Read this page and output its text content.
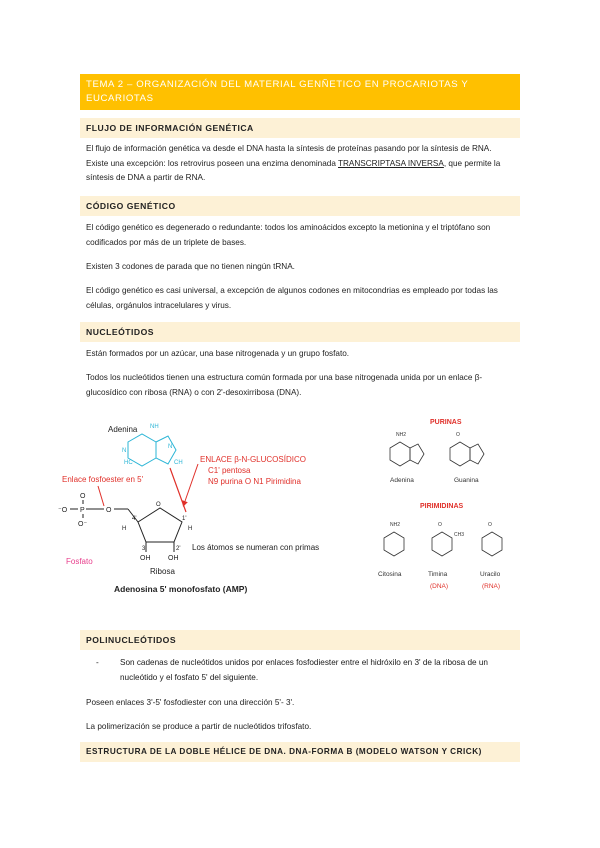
TEMA 2 – ORGANIZACIÓN DEL MATERIAL GENÑETICO EN PROCARIOTAS Y EUCARIOTAS
FLUJO DE INFORMACIÓN GENÉTICA

El flujo de información genética va desde el DNA hasta la síntesis de proteínas pasando por la síntesis de RNA. Existe una excepción: los retrovirus poseen una enzima denominada TRANSCRIPTASA INVERSA, que permite la síntesis de DNA a partir de RNA.

CÓDIGO GENÉTICO

El código genético es degenerado o redundante: todos los aminoácidos excepto la metionina y el triptófano son codificados por más de un triplete de bases.

Existen 3 codones de parada que no tienen ningún tRNA.

El código genético es casi universal, a excepción de algunos codones en mitocondrias es empleado por todas las células, orgánulos intracelulares y virus.

NUCLEÓTIDOS

Están formados por un azúcar, una base nitrogenada y un grupo fosfato.

Todos los nucleótidos tienen una estructura común formada por una base nitrogenada unida por un enlace β-glucosídico con ribosa (RNA) o con 2'-desoxirribosa (DNA).

Adenina NH
N
HC
N
CH ENLACE β-N-GLUCOSÍDICO
C1' pentosa
N9 purina O N1 Pirimidina
Enlace fosfoester en 5'
⁻O P
O
O⁻
O
O
4'	1'
3'	2'
H	H
OH	OH
Los átomos se numeran con primas
Fosfato
Ribosa
Adenosina 5' monofosfato (AMP)
PURINAS
NH2	O
Adenina	Guanina
PIRIMIDINAS
NH2	O
CH3
O
Citosina	Timina	Uracilo
(DNA)	(RNA)
POLINUCLEÓTIDOS
-	Son cadenas de nucleótidos unidos por enlaces fosfodiester entre el hidróxilo en 3' de la ribosa de un nucleótido y el fosfato 5' del siguiente.

Poseen enlaces 3'-5' fosfodiester con una dirección 5'- 3'.

La polimerización se produce a partir de nucleótidos trifosfato.

ESTRUCTURA DE LA DOBLE HÉLICE DE DNA. DNA-FORMA B (MODELO WATSON Y CRICK)
